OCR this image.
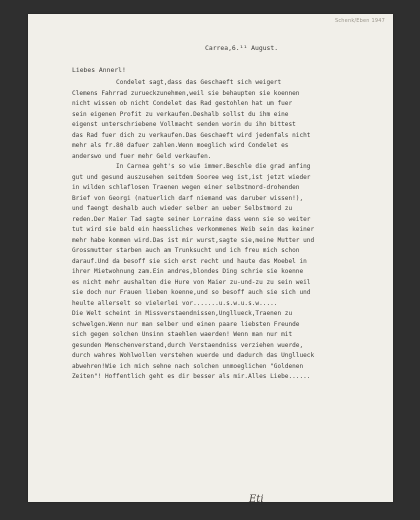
Schenk/Eben 1947
Carrea,6.¹¹ August.
Liebes Annerl!
Condelet sagt,dass das Geschaeft sich weigert
Clemens Fahrrad zurueckzunehmen,weil sie behaupten sie koennen
nicht wissen ob nicht Condelet das Rad gestohlen hat um fuer
sein eigenen Profit zu verkaufen.Deshalb sollst du ihm eine
eigenst unterschriebene Vollmacht senden worin du ihn bittest
das Rad fuer dich zu verkaufen.Das Geschaeft wird jedenfals nicht
mehr als fr.80 dafuer zahlen.Wenn moeglich wird Condelet es
anderswo und fuer mehr Geld verkaufen.
In Carnea geht's so wie immer.Beschle die grad anfing
gut und gesund auszusehen seitdem Sooree weg ist,ist jetzt wieder
in wilden schlaflosen Traenen wegen einer selbstmord-drohenden
Brief von Georgi (natuerlich darf niemand was daruber wissen!),
und faengt deshalb auch wieder selber an ueber Selbstmord zu
reden.Der Maier Tad sagte seiner Lorraine dass wenn sie so weiter
tut wird sie bald ein haessliches verkommenes Weib sein das keiner
mehr habe kommen wird.Das ist mir wurst,sagte sie,meine Mutter und
Grossmutter starben auch am Trunksucht und ich freu mich schon
darauf.Und da besoff sie sich erst recht und haute das Moebel in
ihrer Mietwohnung zam.Ein andres,blondes Ding schrie sie koenne
es nicht mehr aushalten die Hure von Maier zu-und-zu zu sein weil
sie doch nur Frauen lieben koenne,und so besoff auch sie sich und
heulte allerselt so vielerlei vor.......u.s.w.u.s.w.....
Die Welt scheint in Missverstaendnissen,Ungllueck,Traenen zu
schwelgen.Wenn nur man selber und einen paare liebsten Freunde
sich gegen solchen Unsinn staehlen waerden! Wenn man nur mit
gesunden Menschenverstand,durch Verstaendniss verziehen wuerde,
durch wahres Wohlwollen verstehen wuerde und dadurch das Ungllueck
abwehren!Wie ich mich sehne nach solchen unmoeglichen "Goldenen
Zeiten"! Hoffentlich geht es dir besser als mir.Alles Liebe......
Eti
